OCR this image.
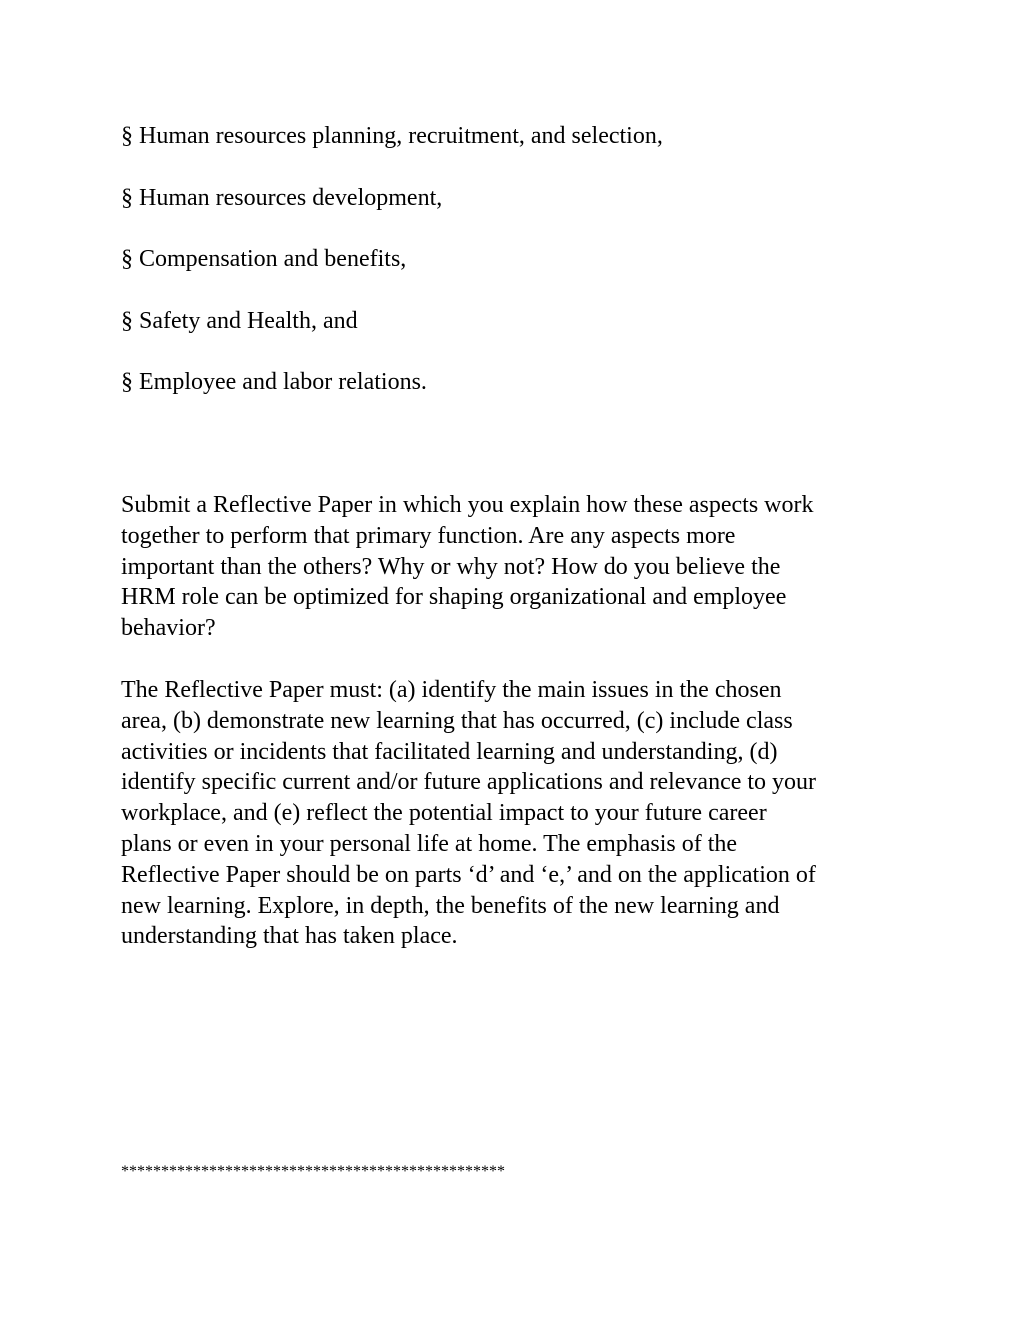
§ Human resources planning, recruitment, and selection,
§ Human resources development,
§ Compensation and benefits,
§ Safety and Health, and
§ Employee and labor relations.

Submit a Reflective Paper in which you explain how these aspects work
together to perform that primary function. Are any aspects more
important than the others? Why or why not? How do you believe the
HRM role can be optimized for shaping organizational and employee
behavior?

The Reflective Paper must: (a) identify the main issues in the chosen
area, (b) demonstrate new learning that has occurred, (c) include class
activities or incidents that facilitated learning and understanding, (d)
identify specific current and/or future applications and relevance to your
workplace, and (e) reflect the potential impact to your future career
plans or even in your personal life at home. The emphasis of the
Reflective Paper should be on parts ‘d’ and ‘e,’ and on the application of
new learning. Explore, in depth, the benefits of the new learning and
understanding that has taken place.

************************************************
